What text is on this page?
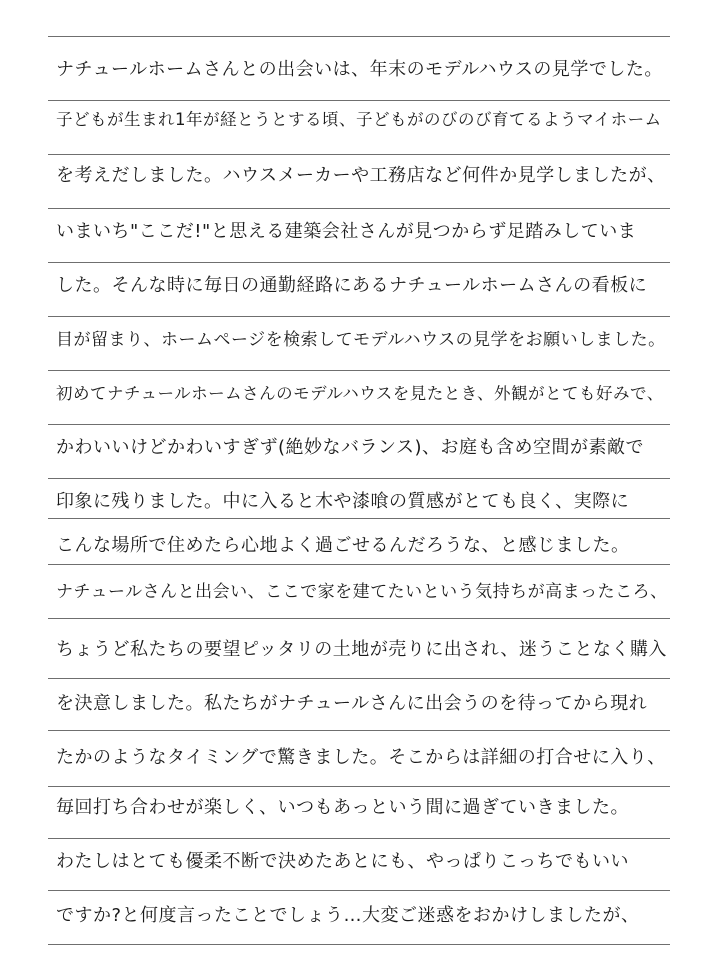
ナチュールホームさんとの出会いは、年末のモデルハウスの見学でした。
子どもが生まれ1年が経とうとする頃、子どもがのびのび育てるようマイホーム
を考えだしました。ハウスメーカーや工務店など何件か見学しましたが、
いまいち"ここだ!"と思える建築会社さんが見つからず足踏みしていま
した。そんな時に毎日の通勤経路にあるナチュールホームさんの看板に
目が留まり、ホームページを検索してモデルハウスの見学をお願いしました。
初めてナチュールホームさんのモデルハウスを見たとき、外観がとても好みで、
かわいいけどかわいすぎず(絶妙なバランス)、お庭も含め空間が素敵で
印象に残りました。中に入ると木や漆喰の質感がとても良く、実際に
こんな場所で住めたら心地よく過ごせるんだろうな、と感じました。
ナチュールさんと出会い、ここで家を建てたいという気持ちが高まったころ、
ちょうど私たちの要望ピッタリの土地が売りに出され、迷うことなく購入
を決意しました。私たちがナチュールさんに出会うのを待ってから現れ
たかのようなタイミングで驚きました。そこからは詳細の打合せに入り、
毎回打ち合わせが楽しく、いつもあっという間に過ぎていきました。
わたしはとても優柔不断で決めたあとにも、やっぱりこっちでもいい
ですか?と何度言ったことでしょう…大変ご迷惑をおかけしましたが、
